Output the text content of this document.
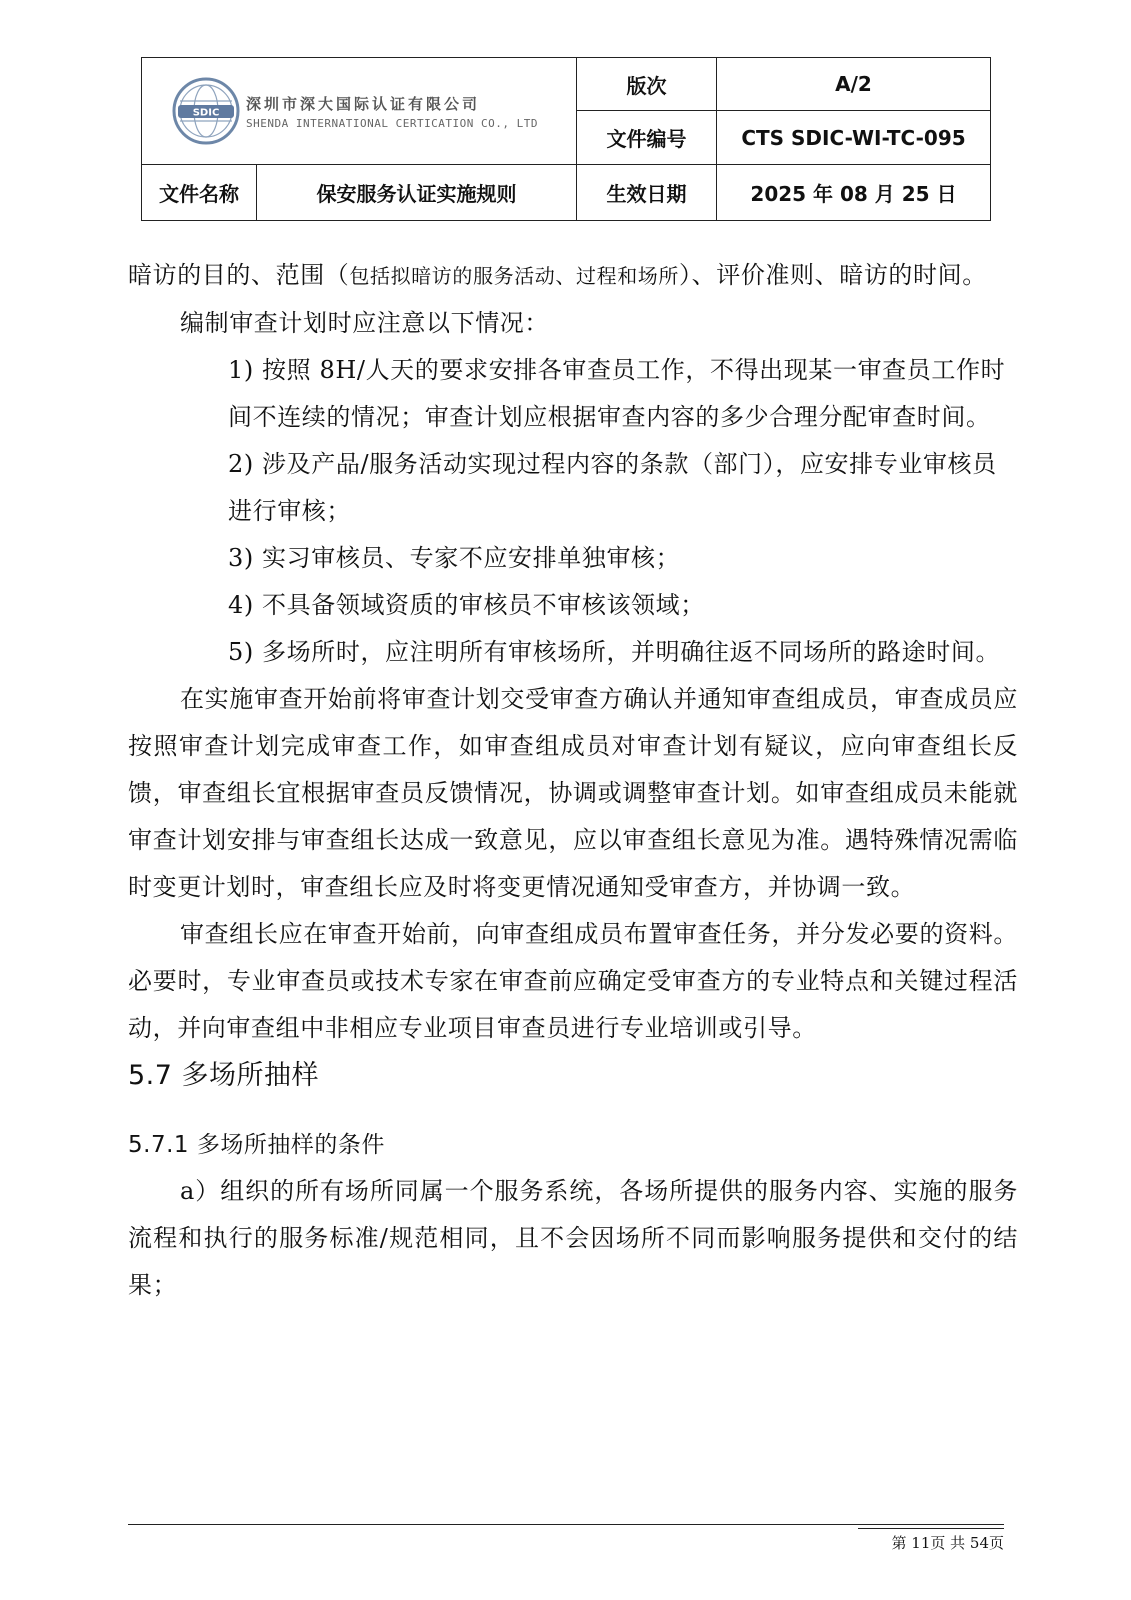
SDIC
深圳市深大国际认证有限公司
SHENDA INTERNATIONAL CERTICATION CO., LTD		版次	A/2
		文件编号	CTS SDIC-WI-TC-095
文件名称	保安服务认证实施规则	生效日期	2025 年 08 月 25 日

暗访的目的、范围（包括拟暗访的服务活动、过程和场所）、评价准则、暗访的时间。

编制审查计划时应注意以下情况：

1) 按照 8H/人天的要求安排各审查员工作，不得出现某一审查员工作时间不连续的情况；审查计划应根据审查内容的多少合理分配审查时间。

2) 涉及产品/服务活动实现过程内容的条款（部门），应安排专业审核员进行审核；

3) 实习审核员、专家不应安排单独审核；

4) 不具备领域资质的审核员不审核该领域；

5) 多场所时，应注明所有审核场所，并明确往返不同场所的路途时间。

在实施审查开始前将审查计划交受审查方确认并通知审查组成员，审查成员应按照审查计划完成审查工作，如审查组成员对审查计划有疑议，应向审查组长反馈，审查组长宜根据审查员反馈情况，协调或调整审查计划。如审查组成员未能就审查计划安排与审查组长达成一致意见，应以审查组长意见为准。遇特殊情况需临时变更计划时，审查组长应及时将变更情况通知受审查方，并协调一致。

审查组长应在审查开始前，向审查组成员布置审查任务，并分发必要的资料。必要时，专业审查员或技术专家在审查前应确定受审查方的专业特点和关键过程活动，并向审查组中非相应专业项目审查员进行专业培训或引导。

5.7 多场所抽样
5.7.1 多场所抽样的条件

a）组织的所有场所同属一个服务系统，各场所提供的服务内容、实施的服务流程和执行的服务标准/规范相同，且不会因场所不同而影响服务提供和交付的结果；

第 11页 共 54页
